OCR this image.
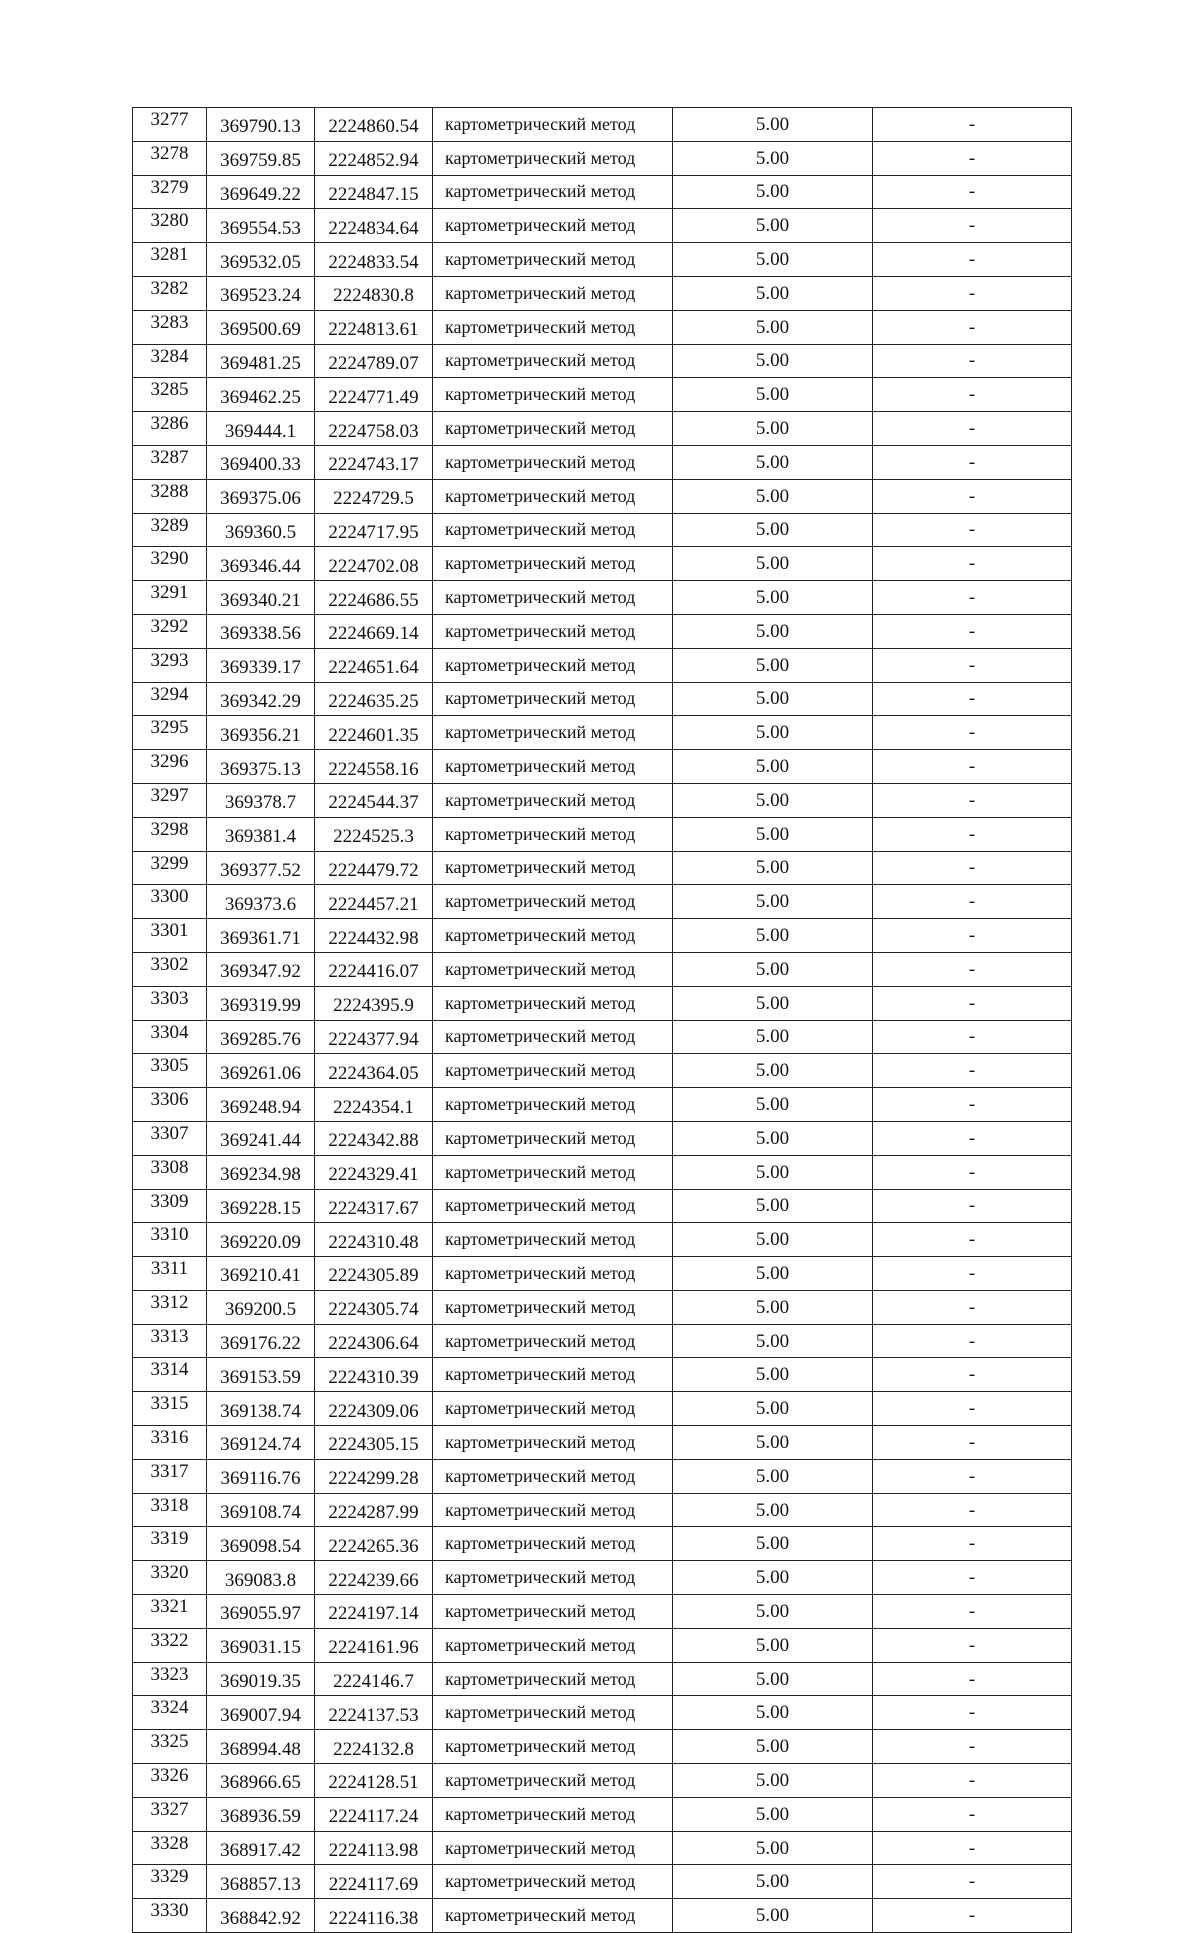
3277	369790.13	2224860.54	картометрический метод	5.00	-
3278	369759.85	2224852.94	картометрический метод	5.00	-
3279	369649.22	2224847.15	картометрический метод	5.00	-
3280	369554.53	2224834.64	картометрический метод	5.00	-
3281	369532.05	2224833.54	картометрический метод	5.00	-
3282	369523.24	2224830.8	картометрический метод	5.00	-
3283	369500.69	2224813.61	картометрический метод	5.00	-
3284	369481.25	2224789.07	картометрический метод	5.00	-
3285	369462.25	2224771.49	картометрический метод	5.00	-
3286	369444.1	2224758.03	картометрический метод	5.00	-
3287	369400.33	2224743.17	картометрический метод	5.00	-
3288	369375.06	2224729.5	картометрический метод	5.00	-
3289	369360.5	2224717.95	картометрический метод	5.00	-
3290	369346.44	2224702.08	картометрический метод	5.00	-
3291	369340.21	2224686.55	картометрический метод	5.00	-
3292	369338.56	2224669.14	картометрический метод	5.00	-
3293	369339.17	2224651.64	картометрический метод	5.00	-
3294	369342.29	2224635.25	картометрический метод	5.00	-
3295	369356.21	2224601.35	картометрический метод	5.00	-
3296	369375.13	2224558.16	картометрический метод	5.00	-
3297	369378.7	2224544.37	картометрический метод	5.00	-
3298	369381.4	2224525.3	картометрический метод	5.00	-
3299	369377.52	2224479.72	картометрический метод	5.00	-
3300	369373.6	2224457.21	картометрический метод	5.00	-
3301	369361.71	2224432.98	картометрический метод	5.00	-
3302	369347.92	2224416.07	картометрический метод	5.00	-
3303	369319.99	2224395.9	картометрический метод	5.00	-
3304	369285.76	2224377.94	картометрический метод	5.00	-
3305	369261.06	2224364.05	картометрический метод	5.00	-
3306	369248.94	2224354.1	картометрический метод	5.00	-
3307	369241.44	2224342.88	картометрический метод	5.00	-
3308	369234.98	2224329.41	картометрический метод	5.00	-
3309	369228.15	2224317.67	картометрический метод	5.00	-
3310	369220.09	2224310.48	картометрический метод	5.00	-
3311	369210.41	2224305.89	картометрический метод	5.00	-
3312	369200.5	2224305.74	картометрический метод	5.00	-
3313	369176.22	2224306.64	картометрический метод	5.00	-
3314	369153.59	2224310.39	картометрический метод	5.00	-
3315	369138.74	2224309.06	картометрический метод	5.00	-
3316	369124.74	2224305.15	картометрический метод	5.00	-
3317	369116.76	2224299.28	картометрический метод	5.00	-
3318	369108.74	2224287.99	картометрический метод	5.00	-
3319	369098.54	2224265.36	картометрический метод	5.00	-
3320	369083.8	2224239.66	картометрический метод	5.00	-
3321	369055.97	2224197.14	картометрический метод	5.00	-
3322	369031.15	2224161.96	картометрический метод	5.00	-
3323	369019.35	2224146.7	картометрический метод	5.00	-
3324	369007.94	2224137.53	картометрический метод	5.00	-
3325	368994.48	2224132.8	картометрический метод	5.00	-
3326	368966.65	2224128.51	картометрический метод	5.00	-
3327	368936.59	2224117.24	картометрический метод	5.00	-
3328	368917.42	2224113.98	картометрический метод	5.00	-
3329	368857.13	2224117.69	картометрический метод	5.00	-
3330	368842.92	2224116.38	картометрический метод	5.00	-
